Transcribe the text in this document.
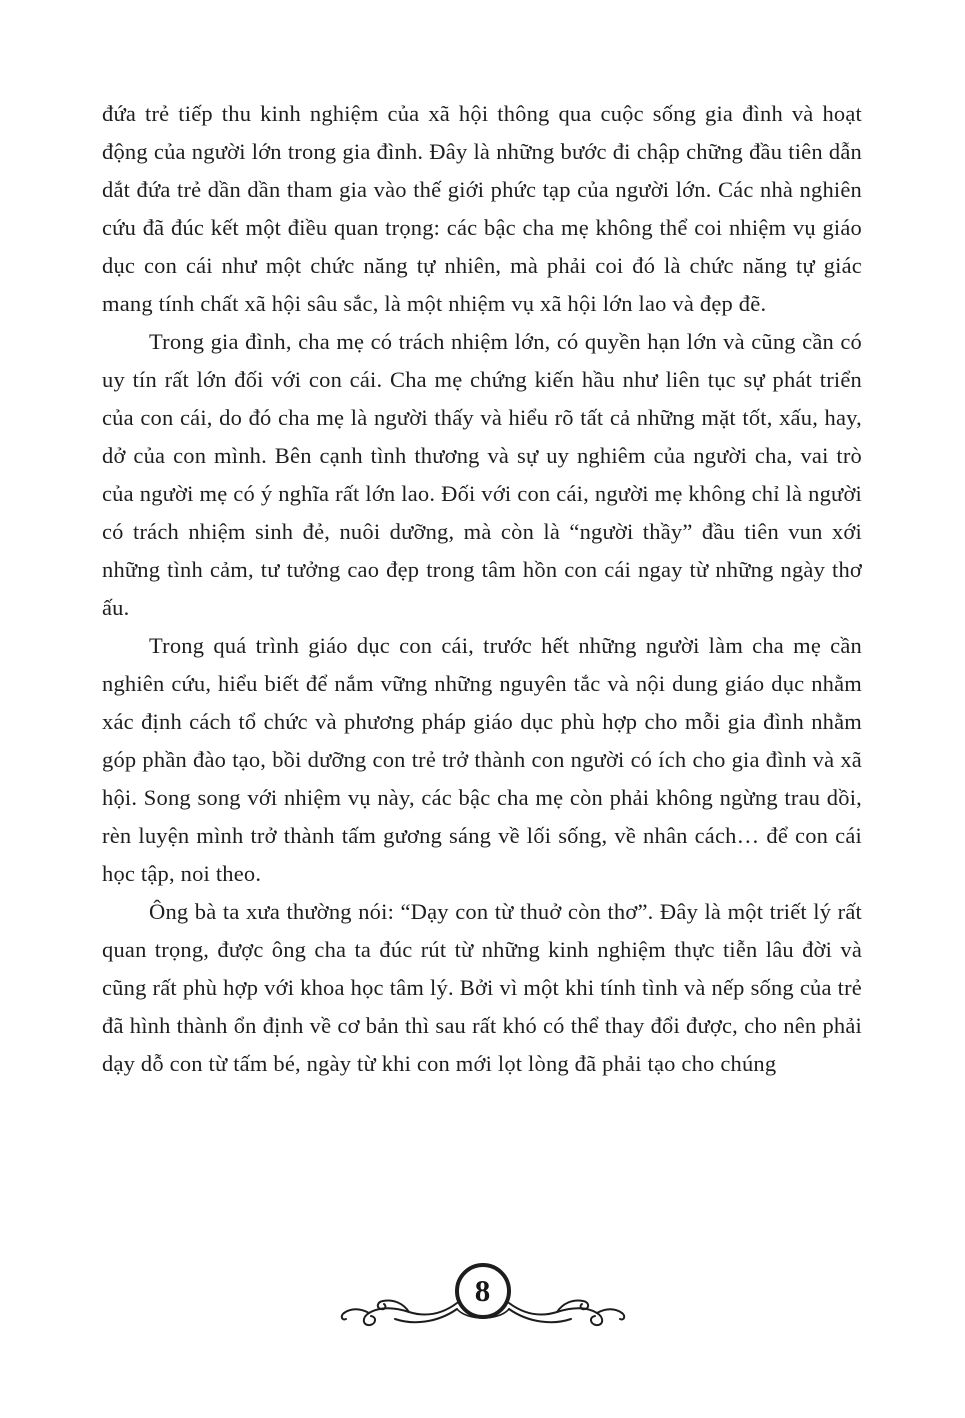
đứa trẻ tiếp thu kinh nghiệm của xã hội thông qua cuộc sống gia đình và hoạt động của người lớn trong gia đình. Đây là những bước đi chập chững đầu tiên dẫn dắt đứa trẻ dần dần tham gia vào thế giới phức tạp của người lớn. Các nhà nghiên cứu đã đúc kết một điều quan trọng: các bậc cha mẹ không thể coi nhiệm vụ giáo dục con cái như một chức năng tự nhiên, mà phải coi đó là chức năng tự giác mang tính chất xã hội sâu sắc, là một nhiệm vụ xã hội lớn lao và đẹp đẽ.

Trong gia đình, cha mẹ có trách nhiệm lớn, có quyền hạn lớn và cũng cần có uy tín rất lớn đối với con cái. Cha mẹ chứng kiến hầu như liên tục sự phát triển của con cái, do đó cha mẹ là người thấy và hiểu rõ tất cả những mặt tốt, xấu, hay, dở của con mình. Bên cạnh tình thương và sự uy nghiêm của người cha, vai trò của người mẹ có ý nghĩa rất lớn lao. Đối với con cái, người mẹ không chỉ là người có trách nhiệm sinh đẻ, nuôi dưỡng, mà còn là “người thầy” đầu tiên vun xới những tình cảm, tư tưởng cao đẹp trong tâm hồn con cái ngay từ những ngày thơ ấu.

Trong quá trình giáo dục con cái, trước hết những người làm cha mẹ cần nghiên cứu, hiểu biết để nắm vững những nguyên tắc và nội dung giáo dục nhằm xác định cách tổ chức và phương pháp giáo dục phù hợp cho mỗi gia đình nhằm góp phần đào tạo, bồi dưỡng con trẻ trở thành con người có ích cho gia đình và xã hội. Song song với nhiệm vụ này, các bậc cha mẹ còn phải không ngừng trau dồi, rèn luyện mình trở thành tấm gương sáng về lối sống, về nhân cách… để con cái học tập, noi theo.

Ông bà ta xưa thường nói: “Dạy con từ thuở còn thơ”. Đây là một triết lý rất quan trọng, được ông cha ta đúc rút từ những kinh nghiệm thực tiễn lâu đời và cũng rất phù hợp với khoa học tâm lý. Bởi vì một khi tính tình và nếp sống của trẻ đã hình thành ổn định về cơ bản thì sau rất khó có thể thay đổi được, cho nên phải dạy dỗ con từ tấm bé, ngày từ khi con mới lọt lòng đã phải tạo cho chúng

8
